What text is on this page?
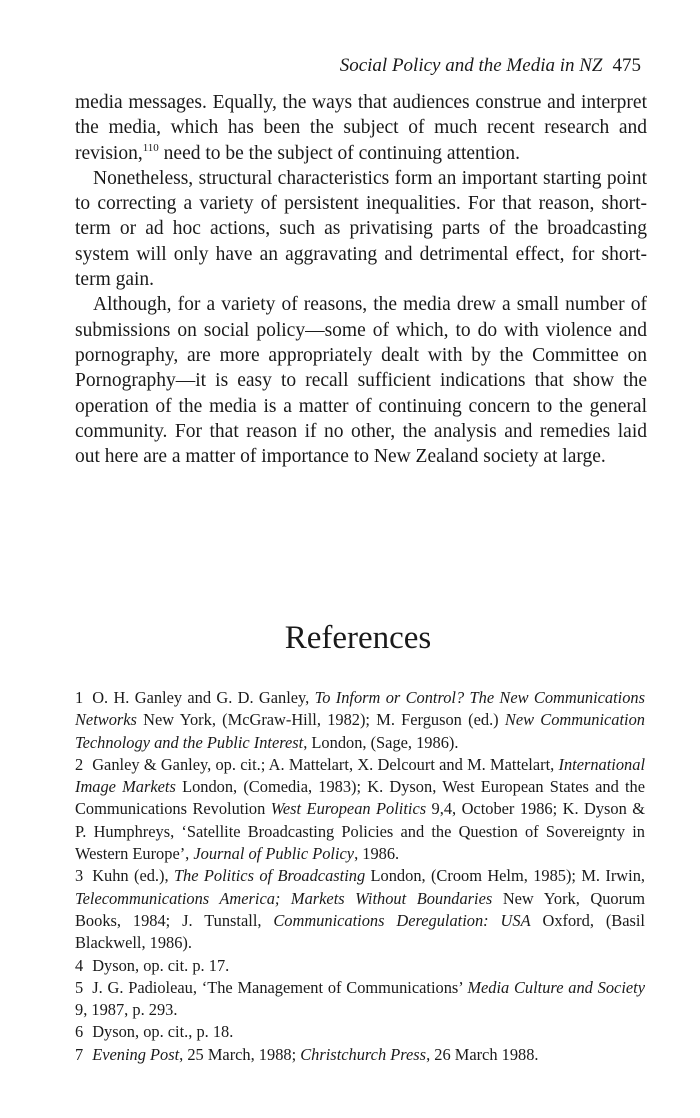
Social Policy and the Media in NZ 475

media messages. Equally, the ways that audiences construe and interpret the media, which has been the subject of much recent research and revision,$^{110}$ need to be the subject of continuing attention.

Nonetheless, structural characteristics form an important starting point to correcting a variety of persistent inequalities. For that reason, short-term or ad hoc actions, such as privatising parts of the broadcasting system will only have an aggravating and detrimental effect, for short-term gain.

Although, for a variety of reasons, the media drew a small number of submissions on social policy—some of which, to do with violence and pornography, are more appropriately dealt with by the Committee on Pornography—it is easy to recall sufficient indications that show the operation of the media is a matter of continuing concern to the general community. For that reason if no other, the analysis and remedies laid out here are a matter of importance to New Zealand society at large.

References

1 O. H. Ganley and G. D. Ganley, To Inform or Control? The New Communications Networks New York, (McGraw-Hill, 1982); M. Ferguson (ed.) New Communication Technology and the Public Interest, London, (Sage, 1986).

2 Ganley & Ganley, op. cit.; A. Mattelart, X. Delcourt and M. Mattelart, International Image Markets London, (Comedia, 1983); K. Dyson, West European States and the Communications Revolution West European Politics 9,4, October 1986; K. Dyson & P. Humphreys, ‘Satellite Broadcasting Policies and the Question of Sovereignty in Western Europe’, Journal of Public Policy, 1986.

3 Kuhn (ed.), The Politics of Broadcasting London, (Croom Helm, 1985); M. Irwin, Telecommunications America; Markets Without Boundaries New York, Quorum Books, 1984; J. Tunstall, Communications Deregulation: USA Oxford, (Basil Blackwell, 1986).

4 Dyson, op. cit. p. 17.

5 J. G. Padioleau, ‘The Management of Communications’ Media Culture and Society 9, 1987, p. 293.

6 Dyson, op. cit., p. 18.

7 Evening Post, 25 March, 1988; Christchurch Press, 26 March 1988.
